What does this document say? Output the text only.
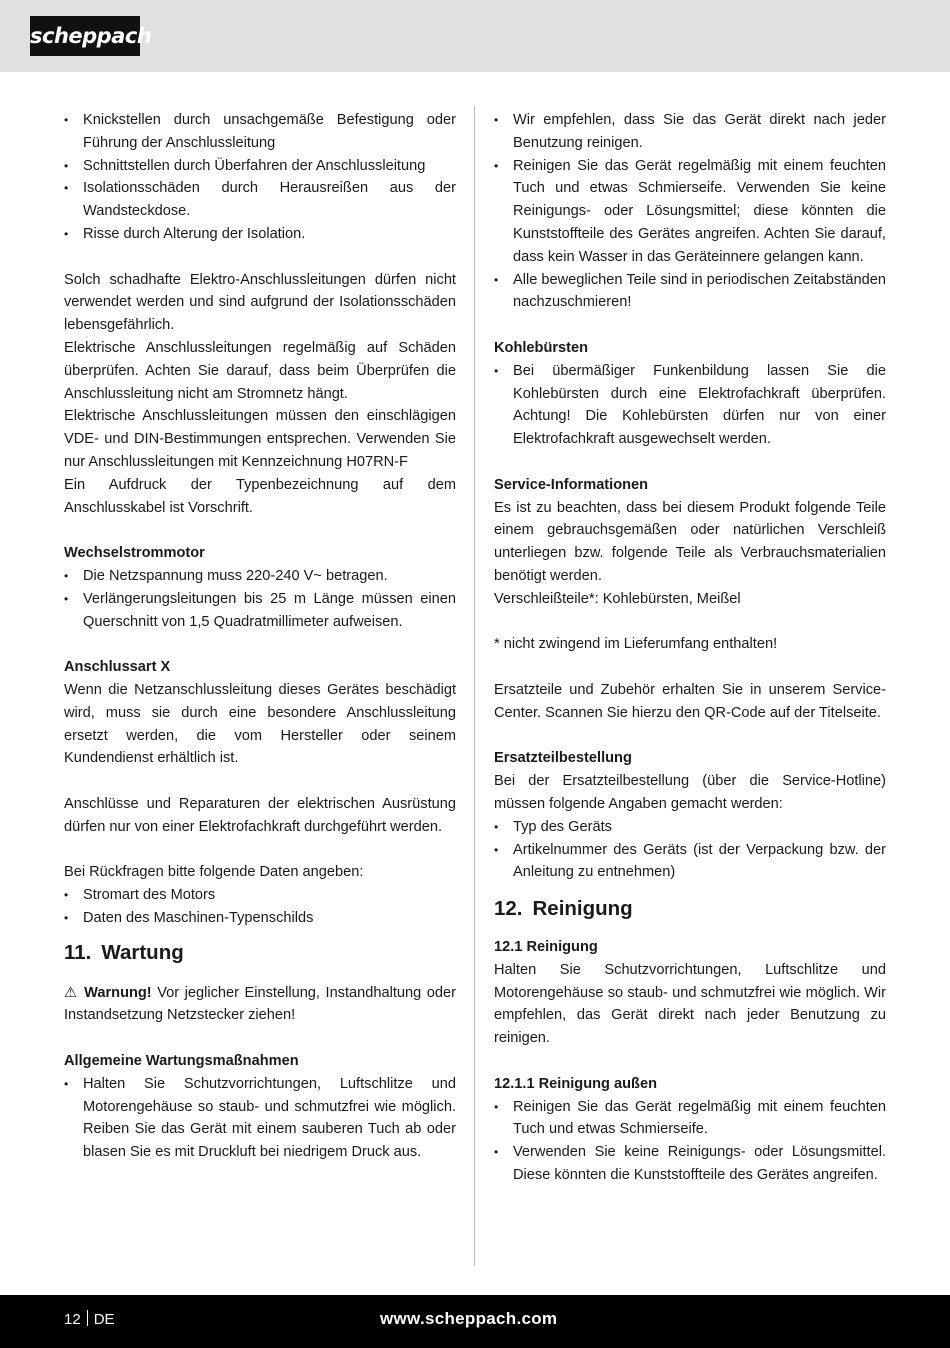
scheppach
• Knickstellen durch unsachgemäße Befestigung oder Führung der Anschlussleitung
• Schnittstellen durch Überfahren der Anschlussleitung
• Isolationsschäden durch Herausreißen aus der Wandsteckdose.
• Risse durch Alterung der Isolation.

Solch schadhafte Elektro-Anschlussleitungen dürfen nicht verwendet werden und sind aufgrund der Isolationsschäden lebensgefährlich.

Elektrische Anschlussleitungen regelmäßig auf Schäden überprüfen. Achten Sie darauf, dass beim Überprüfen die Anschlussleitung nicht am Stromnetz hängt.

Elektrische Anschlussleitungen müssen den einschlägigen VDE- und DIN-Bestimmungen entsprechen. Verwenden Sie nur Anschlussleitungen mit Kennzeichnung H07RN-F

Ein Aufdruck der Typenbezeichnung auf dem Anschlusskabel ist Vorschrift.

Wechselstrommotor

• Die Netzspannung muss 220-240 V~ betragen.
• Verlängerungsleitungen bis 25 m Länge müssen einen Querschnitt von 1,5 Quadratmillimeter aufweisen.

Anschlussart X

Wenn die Netzanschlussleitung dieses Gerätes beschädigt wird, muss sie durch eine besondere Anschlussleitung ersetzt werden, die vom Hersteller oder seinem Kundendienst erhältlich ist.

Anschlüsse und Reparaturen der elektrischen Ausrüstung dürfen nur von einer Elektrofachkraft durchgeführt werden.

Bei Rückfragen bitte folgende Daten angeben:

• Stromart des Motors
• Daten des Maschinen-Typenschilds
11. Wartung

⚠ Warnung! Vor jeglicher Einstellung, Instandhaltung oder Instandsetzung Netzstecker ziehen!

Allgemeine Wartungsmaßnahmen

• Halten Sie Schutzvorrichtungen, Luftschlitze und Motorengehäuse so staub- und schmutzfrei wie möglich. Reiben Sie das Gerät mit einem sauberen Tuch ab oder blasen Sie es mit Druckluft bei niedrigem Druck aus.
• Wir empfehlen, dass Sie das Gerät direkt nach jeder Benutzung reinigen.
• Reinigen Sie das Gerät regelmäßig mit einem feuchten Tuch und etwas Schmierseife. Verwenden Sie keine Reinigungs- oder Lösungsmittel; diese könnten die Kunststoffteile des Gerätes angreifen. Achten Sie darauf, dass kein Wasser in das Geräteinnere gelangen kann.
• Alle beweglichen Teile sind in periodischen Zeitabständen nachzuschmieren!

Kohlebürsten

• Bei übermäßiger Funkenbildung lassen Sie die Kohlebürsten durch eine Elektrofachkraft überprüfen. Achtung! Die Kohlebürsten dürfen nur von einer Elektrofachkraft ausgewechselt werden.

Service-Informationen

Es ist zu beachten, dass bei diesem Produkt folgende Teile einem gebrauchsgemäßen oder natürlichen Verschleiß unterliegen bzw. folgende Teile als Verbrauchsmaterialien benötigt werden.

Verschleißteile*: Kohlebürsten, Meißel

* nicht zwingend im Lieferumfang enthalten!

Ersatzteile und Zubehör erhalten Sie in unserem Service-Center. Scannen Sie hierzu den QR-Code auf der Titelseite.

Ersatzteilbestellung

Bei der Ersatzteilbestellung (über die Service-Hotline) müssen folgende Angaben gemacht werden:

• Typ des Geräts
• Artikelnummer des Geräts (ist der Verpackung bzw. der Anleitung zu entnehmen)
12. Reinigung

12.1 Reinigung

Halten Sie Schutzvorrichtungen, Luftschlitze und Motorengehäuse so staub- und schmutzfrei wie möglich. Wir empfehlen, das Gerät direkt nach jeder Benutzung zu reinigen.

12.1.1 Reinigung außen

• Reinigen Sie das Gerät regelmäßig mit einem feuchten Tuch und etwas Schmierseife.
• Verwenden Sie keine Reinigungs- oder Lösungsmittel. Diese könnten die Kunststoffteile des Gerätes angreifen.
12 DE	www.scheppach.com
